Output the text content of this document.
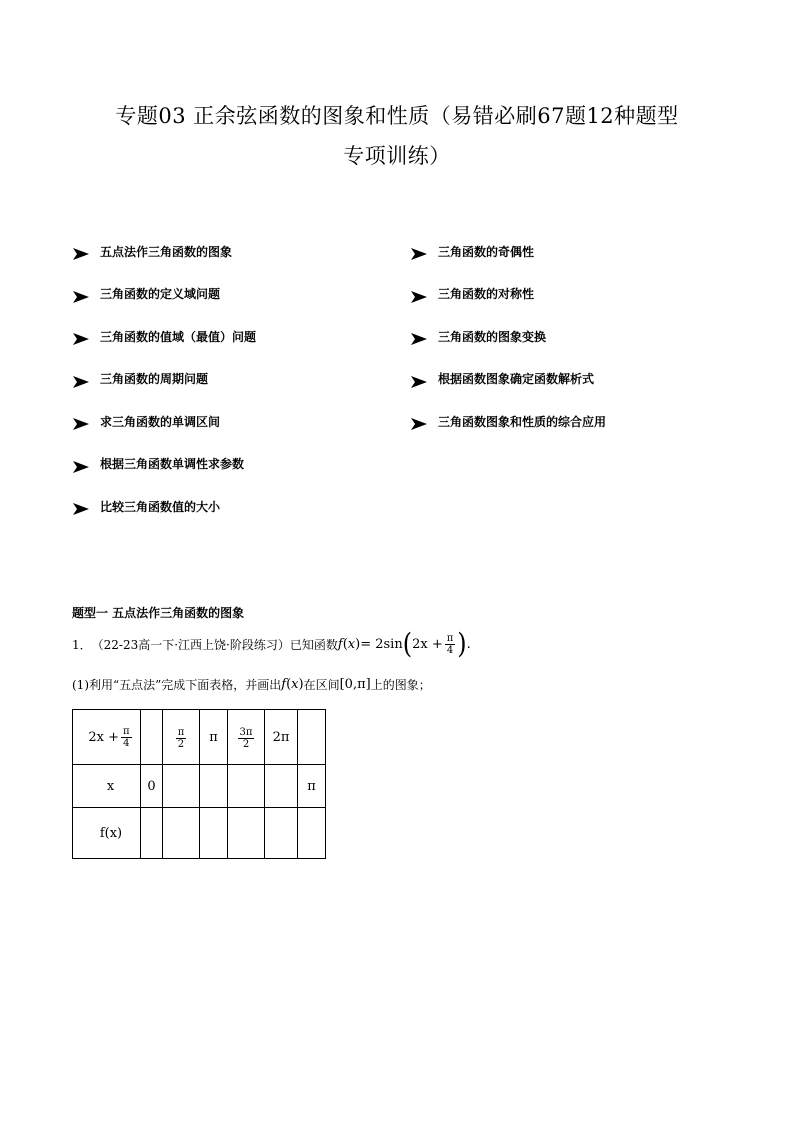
专题03 正余弦函数的图象和性质（易错必刷67题12种题型
专项训练）
五点法作三角函数的图象
三角函数的定义域问题
三角函数的值域（最值）问题
三角函数的周期问题
求三角函数的单调区间
根据三角函数单调性求参数
比较三角函数值的大小
三角函数的奇偶性
三角函数的对称性
三角函数的图象变换
根据函数图象确定函数解析式
三角函数图象和性质的综合应用
题型一 五点法作三角函数的图象
1． （22-23高一下·江西上饶·阶段练习） 已知函数 f ( x ) = 2sin ( $2x + \frac{\pi}{4}$ ) .
(1)利用“五点法”完成下面表格，并画出 f ( x ) 在区间 [0,π] 上的图象；
$2x + \frac{\pi}{4}$		$\frac{\pi}{2}$	π	$\frac{3\pi}{2}$	2π	
x	0					π
f(x)						
